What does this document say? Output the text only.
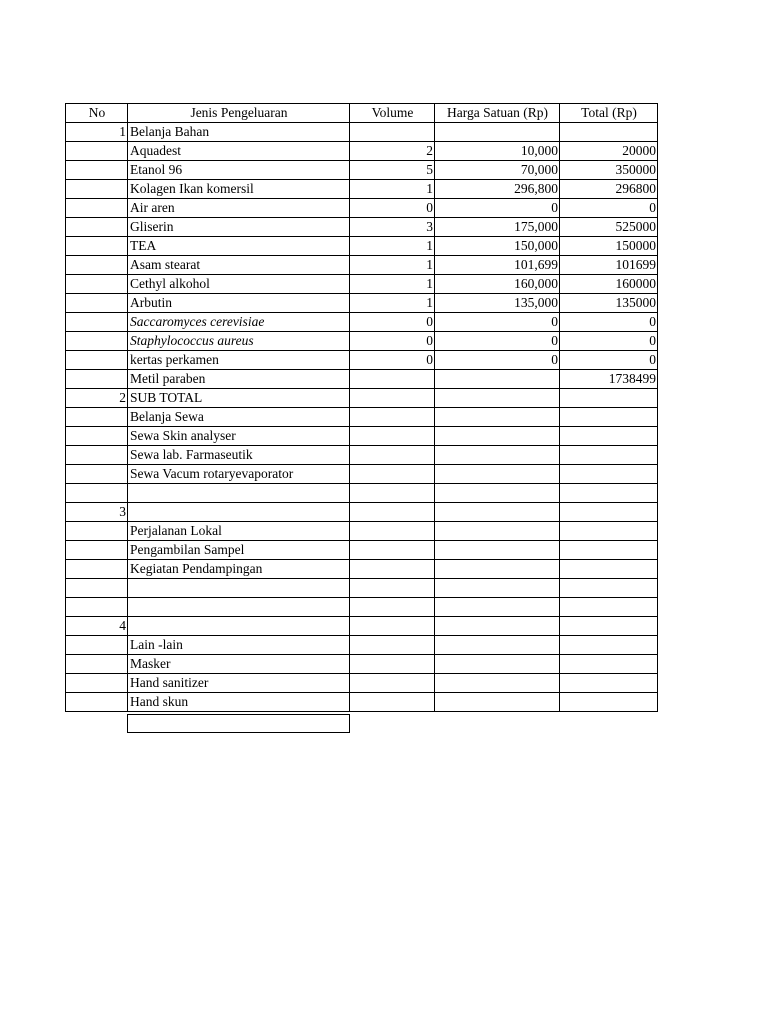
No	Jenis Pengeluaran	Volume	Harga Satuan (Rp)	Total (Rp)
1	Belanja Bahan			
	Aquadest	2	10,000	20000
	Etanol 96	5	70,000	350000
	Kolagen Ikan komersil	1	296,800	296800
	Air aren	0	0	0
	Gliserin	3	175,000	525000
	TEA	1	150,000	150000
	Asam stearat	1	101,699	101699
	Cethyl alkohol	1	160,000	160000
	Arbutin	1	135,000	135000
	Saccaromyces cerevisiae	0	0	0
	Staphylococcus aureus	0	0	0
	kertas perkamen	0	0	0
	Metil paraben			1738499
2	SUB TOTAL			
	Belanja Sewa			
	Sewa Skin analyser			
	Sewa lab. Farmaseutik			
	Sewa Vacum rotaryevaporator			

3				
	Perjalanan Lokal			
	Pengambilan Sampel			
	Kegiatan Pendampingan			

4				
	Lain -lain			
	Masker			
	Hand sanitizer			
	Hand skun			
